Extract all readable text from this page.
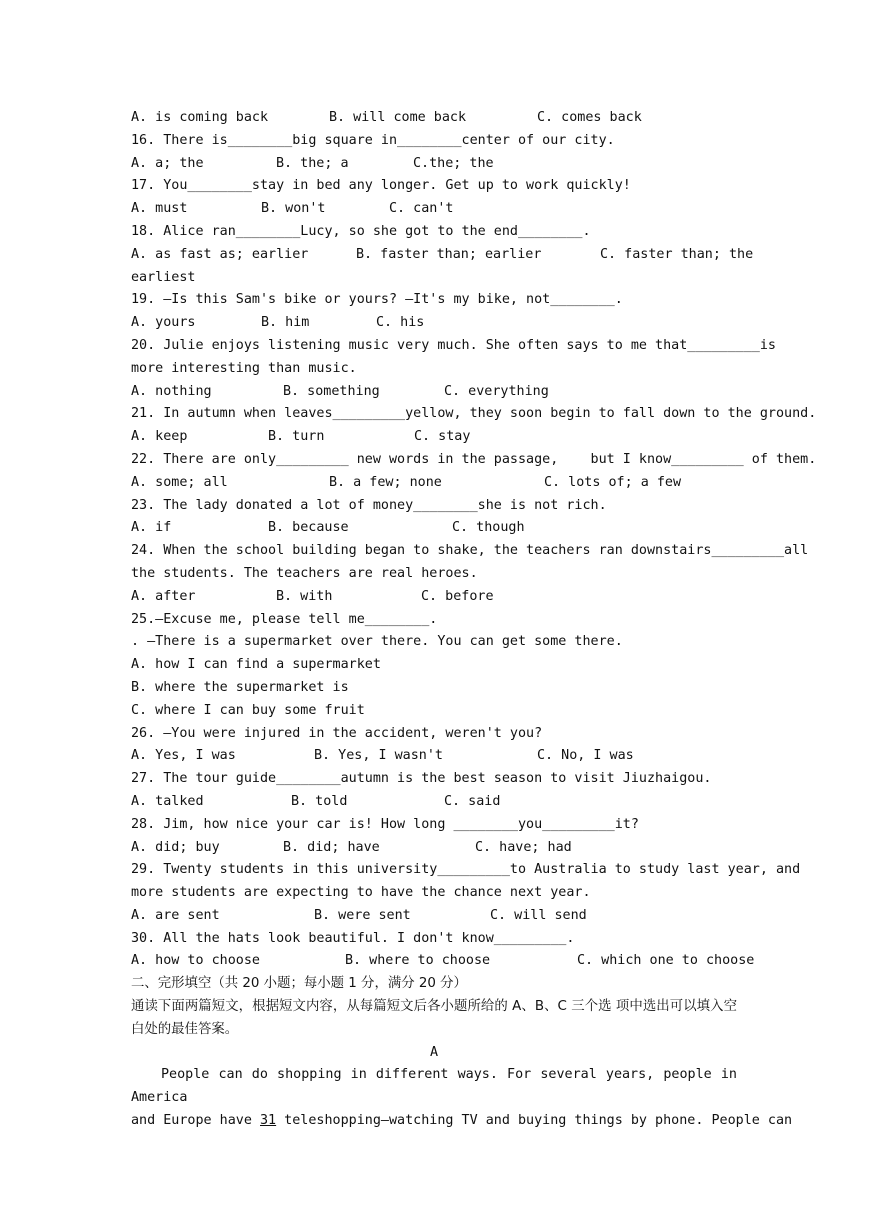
A. is coming back	B. will come back	C. comes back
16. There is________big square in________center of our city.
A. a; the	B. the; a	C.the; the
17. You________stay in bed any longer. Get up to work quickly!
A. must	B. won't	C. can't
18. Alice ran________Lucy, so she got to the end________.
A. as fast as; earlier	B. faster than; earlier	C. faster than; the
earliest
19. —Is this Sam's bike or yours? —It's my bike, not________.
A. yours	B. him	C. his
20. Julie enjoys listening music very much. She often says to me that_________is
more interesting than music.
A. nothing	B. something	C. everything
21. In autumn when leaves_________yellow, they soon begin to fall down to the ground.
A. keep	B. turn	C. stay
22. There are only_________ new words in the passage,    but I know_________ of them.
A. some; all	B. a few; none	C. lots of; a few
23. The lady donated a lot of money________she is not rich.
A. if	B. because	C. though
24. When the school building began to shake, the teachers ran downstairs_________all
the students. The teachers are real heroes.
A. after	B. with	C. before
25.—Excuse me, please tell me________.
. —There is a supermarket over there. You can get some there.
A. how I can find a supermarket
B. where the supermarket is
C. where I can buy some fruit
26. —You were injured in the accident, weren't you?
A. Yes, I was	B. Yes, I wasn't	C. No, I was
27. The tour guide________autumn is the best season to visit Jiuzhaigou.
A. talked	B. told	C. said
28. Jim, how nice your car is! How long ________you_________it?
A. did; buy	B. did; have	C. have; had
29. Twenty students in this university_________to Australia to study last year, and
more students are expecting to have the chance next year.
A. are sent	B. were sent	C. will send
30. All the hats look beautiful. I don't know_________.
A. how to choose	B. where to choose	C. which one to choose
二、完形填空（共 20 小题；每小题 1 分，满分 20 分）
通读下面两篇短文，根据短文内容，从每篇短文后各小题所给的 A、B、C 三个选 项中选出可以填入空白处的最佳答案。
A
People can do shopping in different ways. For several years, people in America
and Europe have 31 teleshopping—watching TV and buying things by phone. People can
